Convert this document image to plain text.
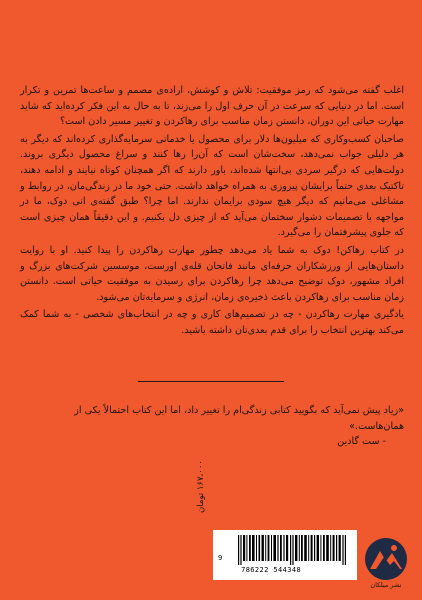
اغلب گفته می‌شود که رمز موفقیت: تلاش و کوشش، اراده‌ی مصمم و ساعت‌ها تمرین و تکرار است. اما در دنیایی که سرعت در آن حرف اول را می‌زند، تا به حال به این فکر کرده‌اید که شاید مهارت حیاتی این دوران، دانستن زمان مناسب برای رها‌کردن و تغییر مسیر دادن است؟

صاحبان کسب‌وکاری که میلیون‌ها دلار برای محصول یا خدماتی سرمایه‌گذاری کرده‌اند که دیگر به هر دلیلی جواب نمی‌دهد، سخت‌شان است که آن‌را رها کنند و سراغ محصول دیگری بروند. دولت‌هایی که درگیر سردی بی‌انتها شده‌اند، باور دارند که اگر همچنان کوتاه نیایند و ادامه دهند، تاکتیک بعدی حتماً برایشان پیروزی به همراه خواهد داشت. حتی خود ما در زندگی‌مان، در روابط و مشاغلی می‌مانیم که دیگر هیچ سودی برایمان ندارند. اما چرا؟ طبق گفته‌ی انی دوک، ما در مواجهه با تصمیمات دشوار سختمان می‌آید که از چیزی دل بکنیم. و این دقیقاً همان چیزی است که جلوی پیشرفتمان را می‌گیرد.

در کتاب رهاکن! دوک به شما یاد می‌دهد چطور مهارت رهاکردن را پیدا کنید. او با روایت داستان‌هایی از ورزشکاران حرفه‌ای مانند فاتحان قله‌ی اورست، موسسین شرکت‌های بزرگ و افراد مشهور، دوک توضیح می‌دهد چرا رهاکردن برای رسیدن به موفقیت حیاتی است. دانستن زمان مناسب برای رهاکردن باعث ذخیره‌ی زمان، انرژی و سرمایه‌تان می‌شود.

یادگیری مهارت رهاکردن - چه در تصمیم‌های کاری و چه در انتخاب‌های شخصی - به شما کمک می‌کند بهترین انتخاب را برای قدم بعدی‌تان داشته باشید.

«زیاد پیش نمی‌آید که بگویید کتابی زندگی‌ام را تغییر داد، اما این کتاب احتمالاً یکی از همان‌هاست.»
- ست گادین
۱۶۷،۰۰۰ تومان
9
786222 544348
نشر میلکان
